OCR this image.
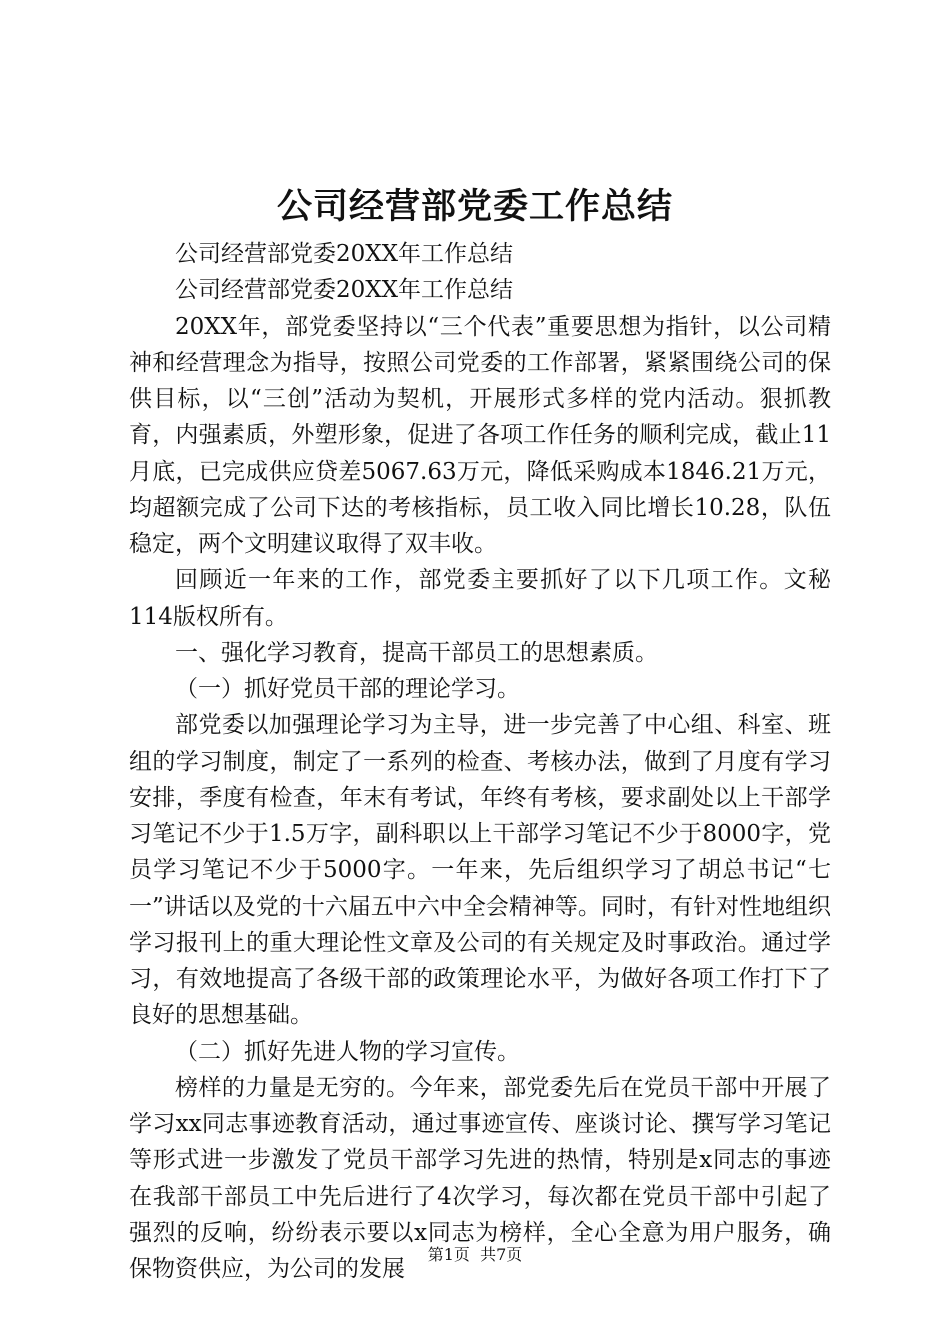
公司经营部党委工作总结

公司经营部党委20XX年工作总结

公司经营部党委20XX年工作总结

20XX年，部党委坚持以“三个代表”重要思想为指针，以公司精神和经营理念为指导，按照公司党委的工作部署，紧紧围绕公司的保供目标，以“三创”活动为契机，开展形式多样的党内活动。狠抓教育，内强素质，外塑形象，促进了各项工作任务的顺利完成，截止11月底，已完成供应贷差5067.63万元，降低采购成本1846.21万元，均超额完成了公司下达的考核指标，员工收入同比增长10.28，队伍稳定，两个文明建议取得了双丰收。

回顾近一年来的工作，部党委主要抓好了以下几项工作。文秘114版权所有。

一、强化学习教育，提高干部员工的思想素质。

（一）抓好党员干部的理论学习。

部党委以加强理论学习为主导，进一步完善了中心组、科室、班组的学习制度，制定了一系列的检查、考核办法，做到了月度有学习安排，季度有检查，年末有考试，年终有考核，要求副处以上干部学习笔记不少于1.5万字，副科职以上干部学习笔记不少于8000字，党员学习笔记不少于5000字。一年来，先后组织学习了胡总书记“七一”讲话以及党的十六届五中六中全会精神等。同时，有针对性地组织学习报刊上的重大理论性文章及公司的有关规定及时事政治。通过学习，有效地提高了各级干部的政策理论水平，为做好各项工作打下了良好的思想基础。

（二）抓好先进人物的学习宣传。

榜样的力量是无穷的。今年来，部党委先后在党员干部中开展了学习xx同志事迹教育活动，通过事迹宣传、座谈讨论、撰写学习笔记等形式进一步激发了党员干部学习先进的热情，特别是x同志的事迹在我部干部员工中先后进行了4次学习，每次都在党员干部中引起了强烈的反响，纷纷表示要以x同志为榜样，全心全意为用户服务，确保物资供应，为公司的发展

第1页 共7页
